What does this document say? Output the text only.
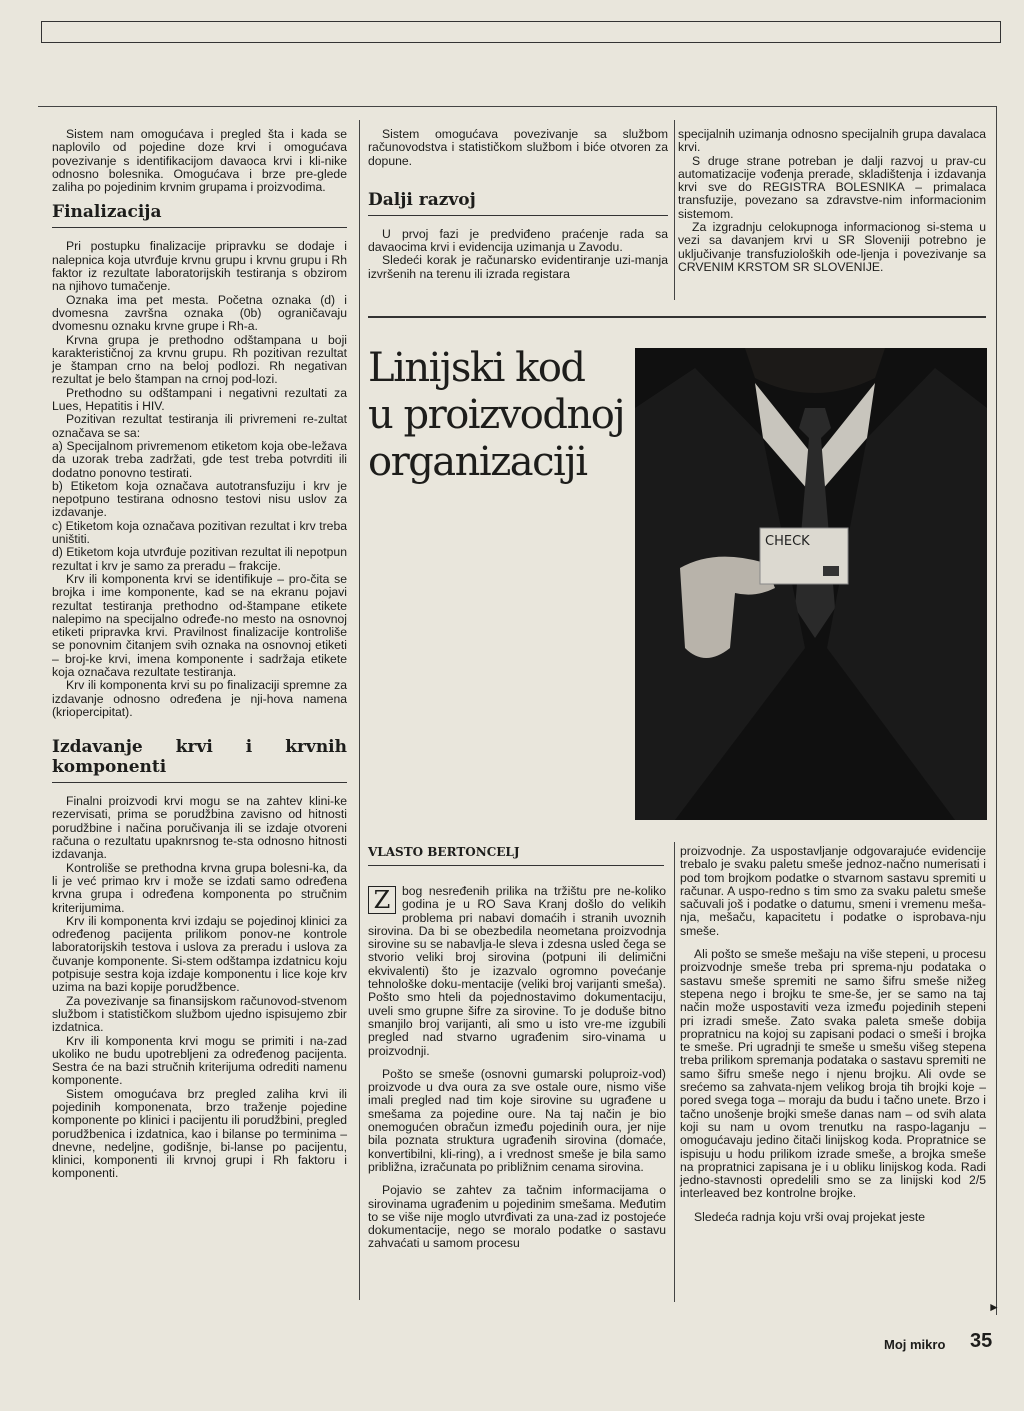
Sistem nam omogućava i pregled šta i kada se naplovilo od pojedine doze krvi i omogućava povezivanje s identifikacijom davaoca krvi i kli-nike odnosno bolesnika. Omogućava i brze pre-glede zaliha po pojedinim krvnim grupama i proizvodima.

Finalizacija

Pri postupku finalizacije pripravku se dodaje i nalepnica koja utvrđuje krvnu grupu i krvnu grupu i Rh faktor iz rezultate laboratorijskih testiranja s obzirom na njihovo tumačenje.

Oznaka ima pet mesta. Početna oznaka (d) i dvomesna završna oznaka (0b) ograničavaju dvomesnu oznaku krvne grupe i Rh-a.

Krvna grupa je prethodno odštampana u boji karakterističnoj za krvnu grupu. Rh pozitivan rezultat je štampan crno na beloj podlozi. Rh negativan rezultat je belo štampan na crnoj pod-lozi.

Prethodno su odštampani i negativni rezultati za Lues, Hepatitis i HIV.

Pozitivan rezultat testiranja ili privremeni re-zultat označava se sa:

a) Specijalnom privremenom etiketom koja obe-ležava da uzorak treba zadržati, gde test treba potvrditi ili dodatno ponovno testirati.

b) Etiketom koja označava autotransfuziju i krv je nepotpuno testirana odnosno testovi nisu uslov za izdavanje.

c) Etiketom koja označava pozitivan rezultat i krv treba uništiti.

d) Etiketom koja utvrđuje pozitivan rezultat ili nepotpun rezultat i krv je samo za preradu – frakcije.

Krv ili komponenta krvi se identifikuje – pro-čita se brojka i ime komponente, kad se na ekranu pojavi rezultat testiranja prethodno od-štampane etikete nalepimo na specijalno određe-no mesto na osnovnoj etiketi pripravka krvi. Pravilnost finalizacije kontroliše se ponovnim čitanjem svih oznaka na osnovnoj etiketi – broj-ke krvi, imena komponente i sadržaja etikete koja označava rezultate testiranja.

Krv ili komponenta krvi su po finalizaciji spremne za izdavanje odnosno određena je nji-hova namena (kriopercipitat).

Izdavanje krvi i krvnih komponenti

Finalni proizvodi krvi mogu se na zahtev klini-ke rezervisati, prima se porudžbina zavisno od hitnosti porudžbine i načina poručivanja ili se izdaje otvoreni računa o rezultatu upaknrsnog te-sta odnosno hitnosti izdavanja.

Kontroliše se prethodna krvna grupa bolesni-ka, da li je već primao krv i može se izdati samo određena krvna grupa i određena komponenta po stručnim kriterijumima.

Krv ili komponenta krvi izdaju se pojedinoj klinici za određenog pacijenta prilikom ponov-ne kontrole laboratorijskih testova i uslova za preradu i uslova za čuvanje komponente. Si-stem odštampa izdatnicu koju potpisuje sestra koja izdaje komponentu i lice koje krv uzima na bazi kopije porudžbence.

Za povezivanje sa finansijskom računovod-stvenom službom i statističkom službom ujedno ispisujemo zbir izdatnica.

Krv ili komponenta krvi mogu se primiti i na-zad ukoliko ne budu upotrebljeni za određenog pacijenta. Sestra će na bazi stručnih kriterijuma odrediti namenu komponente.

Sistem omogućava brz pregled zaliha krvi ili pojedinih komponenata, brzo traženje pojedine komponente po klinici i pacijentu ili porudžbini, pregled porudžbenica i izdatnica, kao i bilanse po terminima – dnevne, nedeljne, godišnje, bi-lanse po pacijentu, klinici, komponenti ili krvnoj grupi i Rh faktoru i komponenti.

Sistem omogućava povezivanje sa službom računovodstva i statističkom službom i biće otvoren za dopune.

Dalji razvoj

U prvoj fazi je predviđeno praćenje rada sa davaocima krvi i evidencija uzimanja u Zavodu.

Sledeći korak je računarsko evidentiranje uzi-manja izvršenih na terenu ili izrada registara

specijalnih uzimanja odnosno specijalnih grupa davalaca krvi.

S druge strane potreban je dalji razvoj u prav-cu automatizacije vođenja prerade, skladištenja i izdavanja krvi sve do REGISTRA BOLESNIKA – primalaca transfuzije, povezano sa zdravstve-nim informacionim sistemom.

Za izgradnju celokupnoga informacionog si-stema u vezi sa davanjem krvi u SR Sloveniji potrebno je uključivanje transfuzioloških ode-ljenja i povezivanje sa CRVENIM KRSTOM SR SLOVENIJE.

Linijski kod
u proizvodnoj
organizaciji
CHECK
VLASTO BERTONCELJ

Z bog nesređenih prilika na tržištu pre ne-koliko godina je u RO Sava Kranj došlo do velikih problema pri nabavi domaćih i stranih uvoznih sirovina. Da bi se obezbedila neometana proizvodnja sirovine su se nabavlja-le sleva i zdesna usled čega se stvorio veliki broj sirovina (potpuni ili delimični ekvivalenti) što je izazvalo ogromno povećanje tehnološke doku-mentacije (veliki broj varijanti smeša). Pošto smo hteli da pojednostavimo dokumentaciju, uveli smo grupne šifre za sirovine. To je doduše bitno smanjilo broj varijanti, ali smo u isto vre-me izgubili pregled nad stvarno ugrađenim siro-vinama u proizvodnji.

Pošto se smeše (osnovni gumarski poluproiz-vod) proizvode u dva oura za sve ostale oure, nismo više imali pregled nad tim koje sirovine su ugrađene u smešama za pojedine oure. Na taj način je bio onemogućen obračun između pojedinih oura, jer nije bila poznata struktura ugrađenih sirovina (domaće, konvertibilni, kli-ring), a i vrednost smeše je bila samo približna, izračunata po približnim cenama sirovina.

Pojavio se zahtev za tačnim informacijama o sirovinama ugrađenim u pojedinim smešama. Međutim to se više nije moglo utvrđivati za una-zad iz postojeće dokumentacije, nego se moralo podatke o sastavu zahvaćati u samom procesu

proizvodnje. Za uspostavljanje odgovarajuće evidencije trebalo je svaku paletu smeše jednoz-načno numerisati i pod tom brojkom podatke o stvarnom sastavu spremiti u računar. A uspo-redno s tim smo za svaku paletu smeše sačuvali još i podatke o datumu, smeni i vremenu meša-nja, mešaču, kapacitetu i podatke o isprobava-nju smeše.

Ali pošto se smeše mešaju na više stepeni, u procesu proizvodnje smeše treba pri sprema-nju podataka o sastavu smeše spremiti ne samo šifru smeše nižeg stepena nego i brojku te sme-še, jer se samo na taj način može uspostaviti veza između pojedinih stepeni pri izradi smeše. Zato svaka paleta smeše dobija propratnicu na kojoj su zapisani podaci o smeši i brojka te smeše. Pri ugradnji te smeše u smešu višeg stepena treba prilikom spremanja podataka o sastavu spremiti ne samo šifru smeše nego i njenu brojku. Ali ovde se srećemo sa zahvata-njem velikog broja tih brojki koje – pored svega toga – moraju da budu i tačno unete. Brzo i tačno unošenje brojki smeše danas nam – od svih alata koji su nam u ovom trenutku na raspo-laganju – omogućavaju jedino čitači linijskog koda. Propratnice se ispisuju u hodu prilikom izrade smeše, a brojka smeše na propratnici zapisana je i u obliku linijskog koda. Radi jedno-stavnosti opredelili smo se za linijski kod 2/5 interleaved bez kontrolne brojke.

Sledeća radnja koju vrši ovaj projekat jeste

►
Moj mikro 35
